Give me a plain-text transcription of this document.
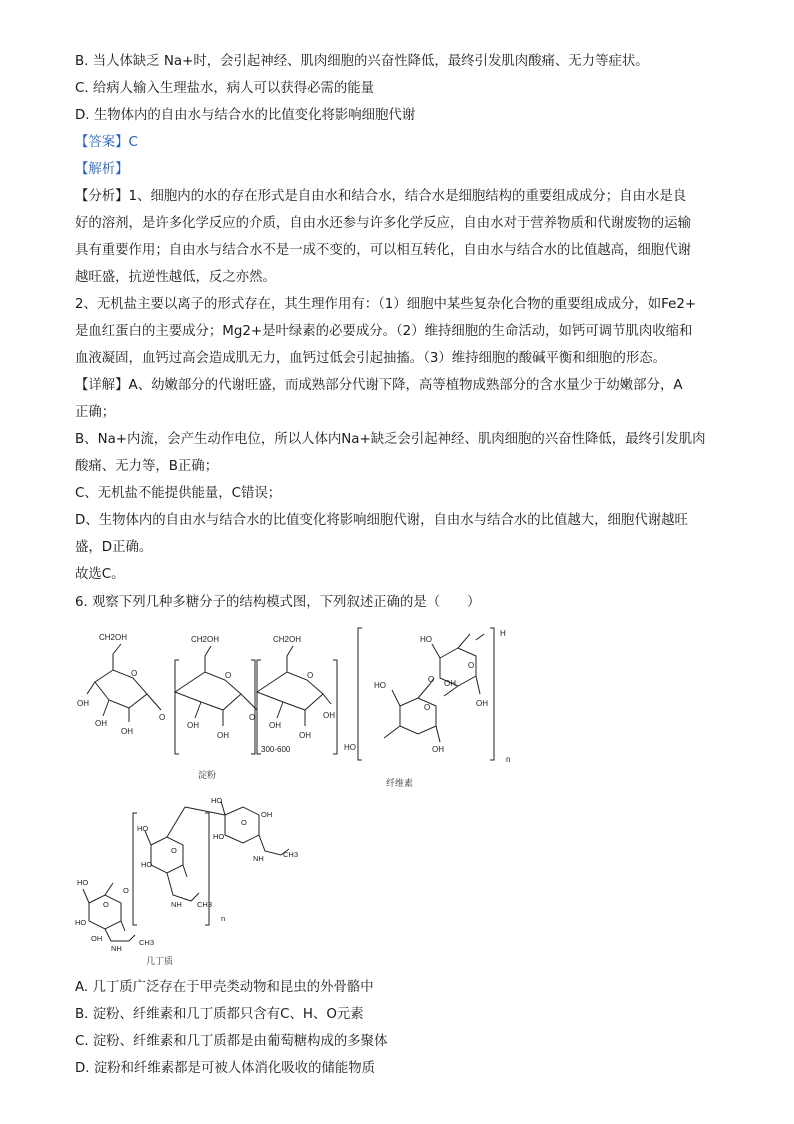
B. 当人体缺乏 Na+时，会引起神经、肌肉细胞的兴奋性降低，最终引发肌肉酸痛、无力等症状。
C. 给病人输入生理盐水，病人可以获得必需的能量
D. 生物体内的自由水与结合水的比值变化将影响细胞代谢
【答案】C
【解析】
【分析】1、细胞内的水的存在形式是自由水和结合水，结合水是细胞结构的重要组成成分；自由水是良
好的溶剂，是许多化学反应的介质，自由水还参与许多化学反应，自由水对于营养物质和代谢废物的运输
具有重要作用；自由水与结合水不是一成不变的，可以相互转化，自由水与结合水的比值越高，细胞代谢
越旺盛，抗逆性越低，反之亦然。
2、无机盐主要以离子的形式存在，其生理作用有：（1）细胞中某些复杂化合物的重要组成成分，如Fe2+
是血红蛋白的主要成分；Mg2+是叶绿素的必要成分。（2）维持细胞的生命活动，如钙可调节肌肉收缩和
血液凝固，血钙过高会造成肌无力，血钙过低会引起抽搐。（3）维持细胞的酸碱平衡和细胞的形态。
【详解】A、幼嫩部分的代谢旺盛，而成熟部分代谢下降，高等植物成熟部分的含水量少于幼嫩部分，A
正确；
B、Na+内流，会产生动作电位，所以人体内Na+缺乏会引起神经、肌肉细胞的兴奋性降低，最终引发肌肉
酸痛、无力等，B正确；
C、无机盐不能提供能量，C错误；
D、生物体内的自由水与结合水的比值变化将影响细胞代谢，自由水与结合水的比值越大，细胞代谢越旺
盛，D正确。
故选C。
6. 观察下列几种多糖分子的结构模式图，下列叙述正确的是（　　）
CH2OH	CH2OH	CH2OH
O	O	O
O	O
OH
OH
OH
OH
OH
OH
OH
OH
300-600
淀粉
HO
O
H
OH
OH
HO
O
O
HO	OH
n
纤维素
HO
O
HO
OH
NH
CH3
O
HO
O
HO
NH CH3
n
HO
O
HO
OH
NH	CH3
几丁质
A. 几丁质广泛存在于甲壳类动物和昆虫的外骨骼中
B. 淀粉、纤维素和几丁质都只含有C、H、O元素
C. 淀粉、纤维素和几丁质都是由葡萄糖构成的多聚体
D. 淀粉和纤维素都是可被人体消化吸收的储能物质
